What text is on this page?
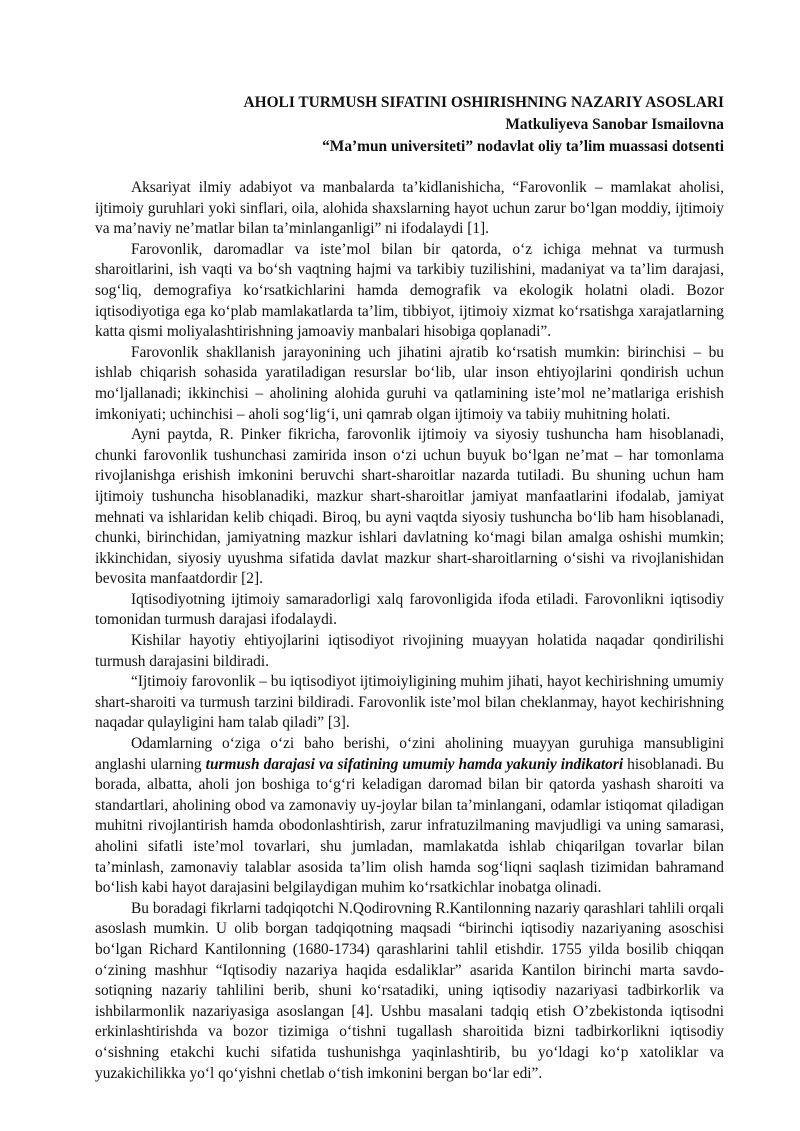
AHOLI TURMUSH SIFATINI OSHIRISHNING NAZARIY ASOSLARI

Matkuliyeva Sanobar Ismailovna

“Ma’mun universiteti” nodavlat oliy ta’lim muassasi dotsenti

Aksariyat ilmiy adabiyot va manbalarda ta’kidlanishicha, “Farovonlik – mamlakat aholisi, ijtimoiy guruhlari yoki sinflari, oila, alohida shaxslarning hayot uchun zarur bo‘lgan moddiy, ijtimoiy va ma’naviy ne’matlar bilan ta’minlanganligi” ni ifodalaydi [1].

Farovonlik, daromadlar va iste’mol bilan bir qatorda, o‘z ichiga mehnat va turmush sharoitlarini, ish vaqti va bo‘sh vaqtning hajmi va tarkibiy tuzilishini, madaniyat va ta’lim darajasi, sog‘liq, demografiya ko‘rsatkichlarini hamda demografik va ekologik holatni oladi. Bozor iqtisodiyotiga ega ko‘plab mamlakatlarda ta’lim, tibbiyot, ijtimoiy xizmat ko‘rsatishga xarajatlarning katta qismi moliyalashtirishning jamoaviy manbalari hisobiga qoplanadi”.

Farovonlik shakllanish jarayonining uch jihatini ajratib ko‘rsatish mumkin: birinchisi – bu ishlab chiqarish sohasida yaratiladigan resurslar bo‘lib, ular inson ehtiyojlarini qondirish uchun mo‘ljallanadi; ikkinchisi – aholining alohida guruhi va qatlamining iste’mol ne’matlariga erishish imkoniyati; uchinchisi – aholi sog‘lig‘i, uni qamrab olgan ijtimoiy va tabiiy muhitning holati.

Ayni paytda, R. Pinker fikricha, farovonlik ijtimoiy va siyosiy tushuncha ham hisoblanadi, chunki farovonlik tushunchasi zamirida inson o‘zi uchun buyuk bo‘lgan ne’mat – har tomonlama rivojlanishga erishish imkonini beruvchi shart-sharoitlar nazarda tutiladi. Bu shuning uchun ham ijtimoiy tushuncha hisoblanadiki, mazkur shart-sharoitlar jamiyat manfaatlarini ifodalab, jamiyat mehnati va ishlaridan kelib chiqadi. Biroq, bu ayni vaqtda siyosiy tushuncha bo‘lib ham hisoblanadi, chunki, birinchidan, jamiyatning mazkur ishlari davlatning ko‘magi bilan amalga oshishi mumkin; ikkinchidan, siyosiy uyushma sifatida davlat mazkur shart-sharoitlarning o‘sishi va rivojlanishidan bevosita manfaatdordir [2].

Iqtisodiyotning ijtimoiy samaradorligi xalq farovonligida ifoda etiladi. Farovonlikni iqtisodiy tomonidan turmush darajasi ifodalaydi.

Kishilar hayotiy ehtiyojlarini iqtisodiyot rivojining muayyan holatida naqadar qondirilishi turmush darajasini bildiradi.

“Ijtimoiy farovonlik – bu iqtisodiyot ijtimoiyligining muhim jihati, hayot kechirishning umumiy shart-sharoiti va turmush tarzini bildiradi. Farovonlik iste’mol bilan cheklanmay, hayot kechirishning naqadar qulayligini ham talab qiladi” [3].

Odamlarning o‘ziga o‘zi baho berishi, o‘zini aholining muayyan guruhiga mansubligini anglashi ularning turmush darajasi va sifatining umumiy hamda yakuniy indikatori hisoblanadi. Bu borada, albatta, aholi jon boshiga to‘g‘ri keladigan daromad bilan bir qatorda yashash sharoiti va standartlari, aholining obod va zamonaviy uy-joylar bilan ta’minlangani, odamlar istiqomat qiladigan muhitni rivojlantirish hamda obodonlashtirish, zarur infratuzilmaning mavjudligi va uning samarasi, aholini sifatli iste’mol tovarlari, shu jumladan, mamlakatda ishlab chiqarilgan tovarlar bilan ta’minlash, zamonaviy talablar asosida ta’lim olish hamda sog‘liqni saqlash tizimidan bahramand bo‘lish kabi hayot darajasini belgilaydigan muhim ko‘rsatkichlar inobatga olinadi.

Bu boradagi fikrlarni tadqiqotchi N.Qodirovning R.Kantilonning nazariy qarashlari tahlili orqali asoslash mumkin. U olib borgan tadqiqotning maqsadi “birinchi iqtisodiy nazariyaning asoschisi bo‘lgan Richard Kantilonning (1680-1734) qarashlarini tahlil etishdir. 1755 yilda bosilib chiqqan o‘zining mashhur “Iqtisodiy nazariya haqida esdaliklar” asarida Kantilon birinchi marta savdo-sotiqning nazariy tahlilini berib, shuni ko‘rsatadiki, uning iqtisodiy nazariyasi tadbirkorlik va ishbilarmonlik nazariyasiga asoslangan [4]. Ushbu masalani tadqiq etish O’zbekistonda iqtisodni erkinlashtirishda va bozor tizimiga o‘tishni tugallash sharoitida bizni tadbirkorlikni iqtisodiy o‘sishning etakchi kuchi sifatida tushunishga yaqinlashtirib, bu yo‘ldagi ko‘p xatoliklar va yuzakichilikka yo‘l qo‘yishni chetlab o‘tish imkonini bergan bo‘lar edi”.
